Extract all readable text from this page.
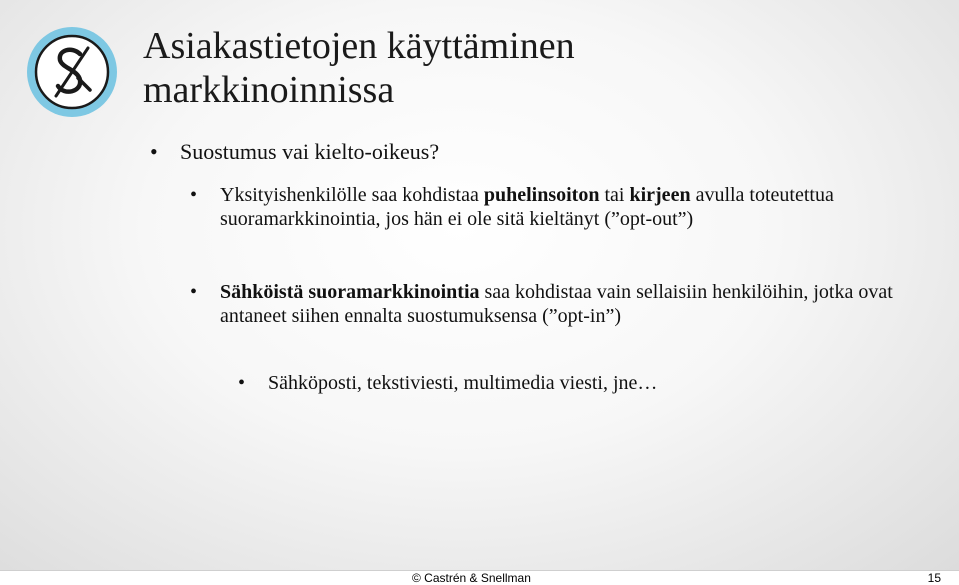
Asiakastietojen käyttäminen
markkinoinnissa
• Suostumus vai kielto-oikeus?
• Yksityishenkilölle saa kohdistaa puhelinsoiton tai kirjeen avulla toteutettua suoramarkkinointia, jos hän ei ole sitä kieltänyt (”opt-out”)
• Sähköistä suoramarkkinointia saa kohdistaa vain sellaisiin henkilöihin, jotka ovat antaneet siihen ennalta suostumuksensa (”opt-in”)
• Sähköposti, tekstiviesti, multimedia viesti, jne…
© Castrén & Snellman	15
